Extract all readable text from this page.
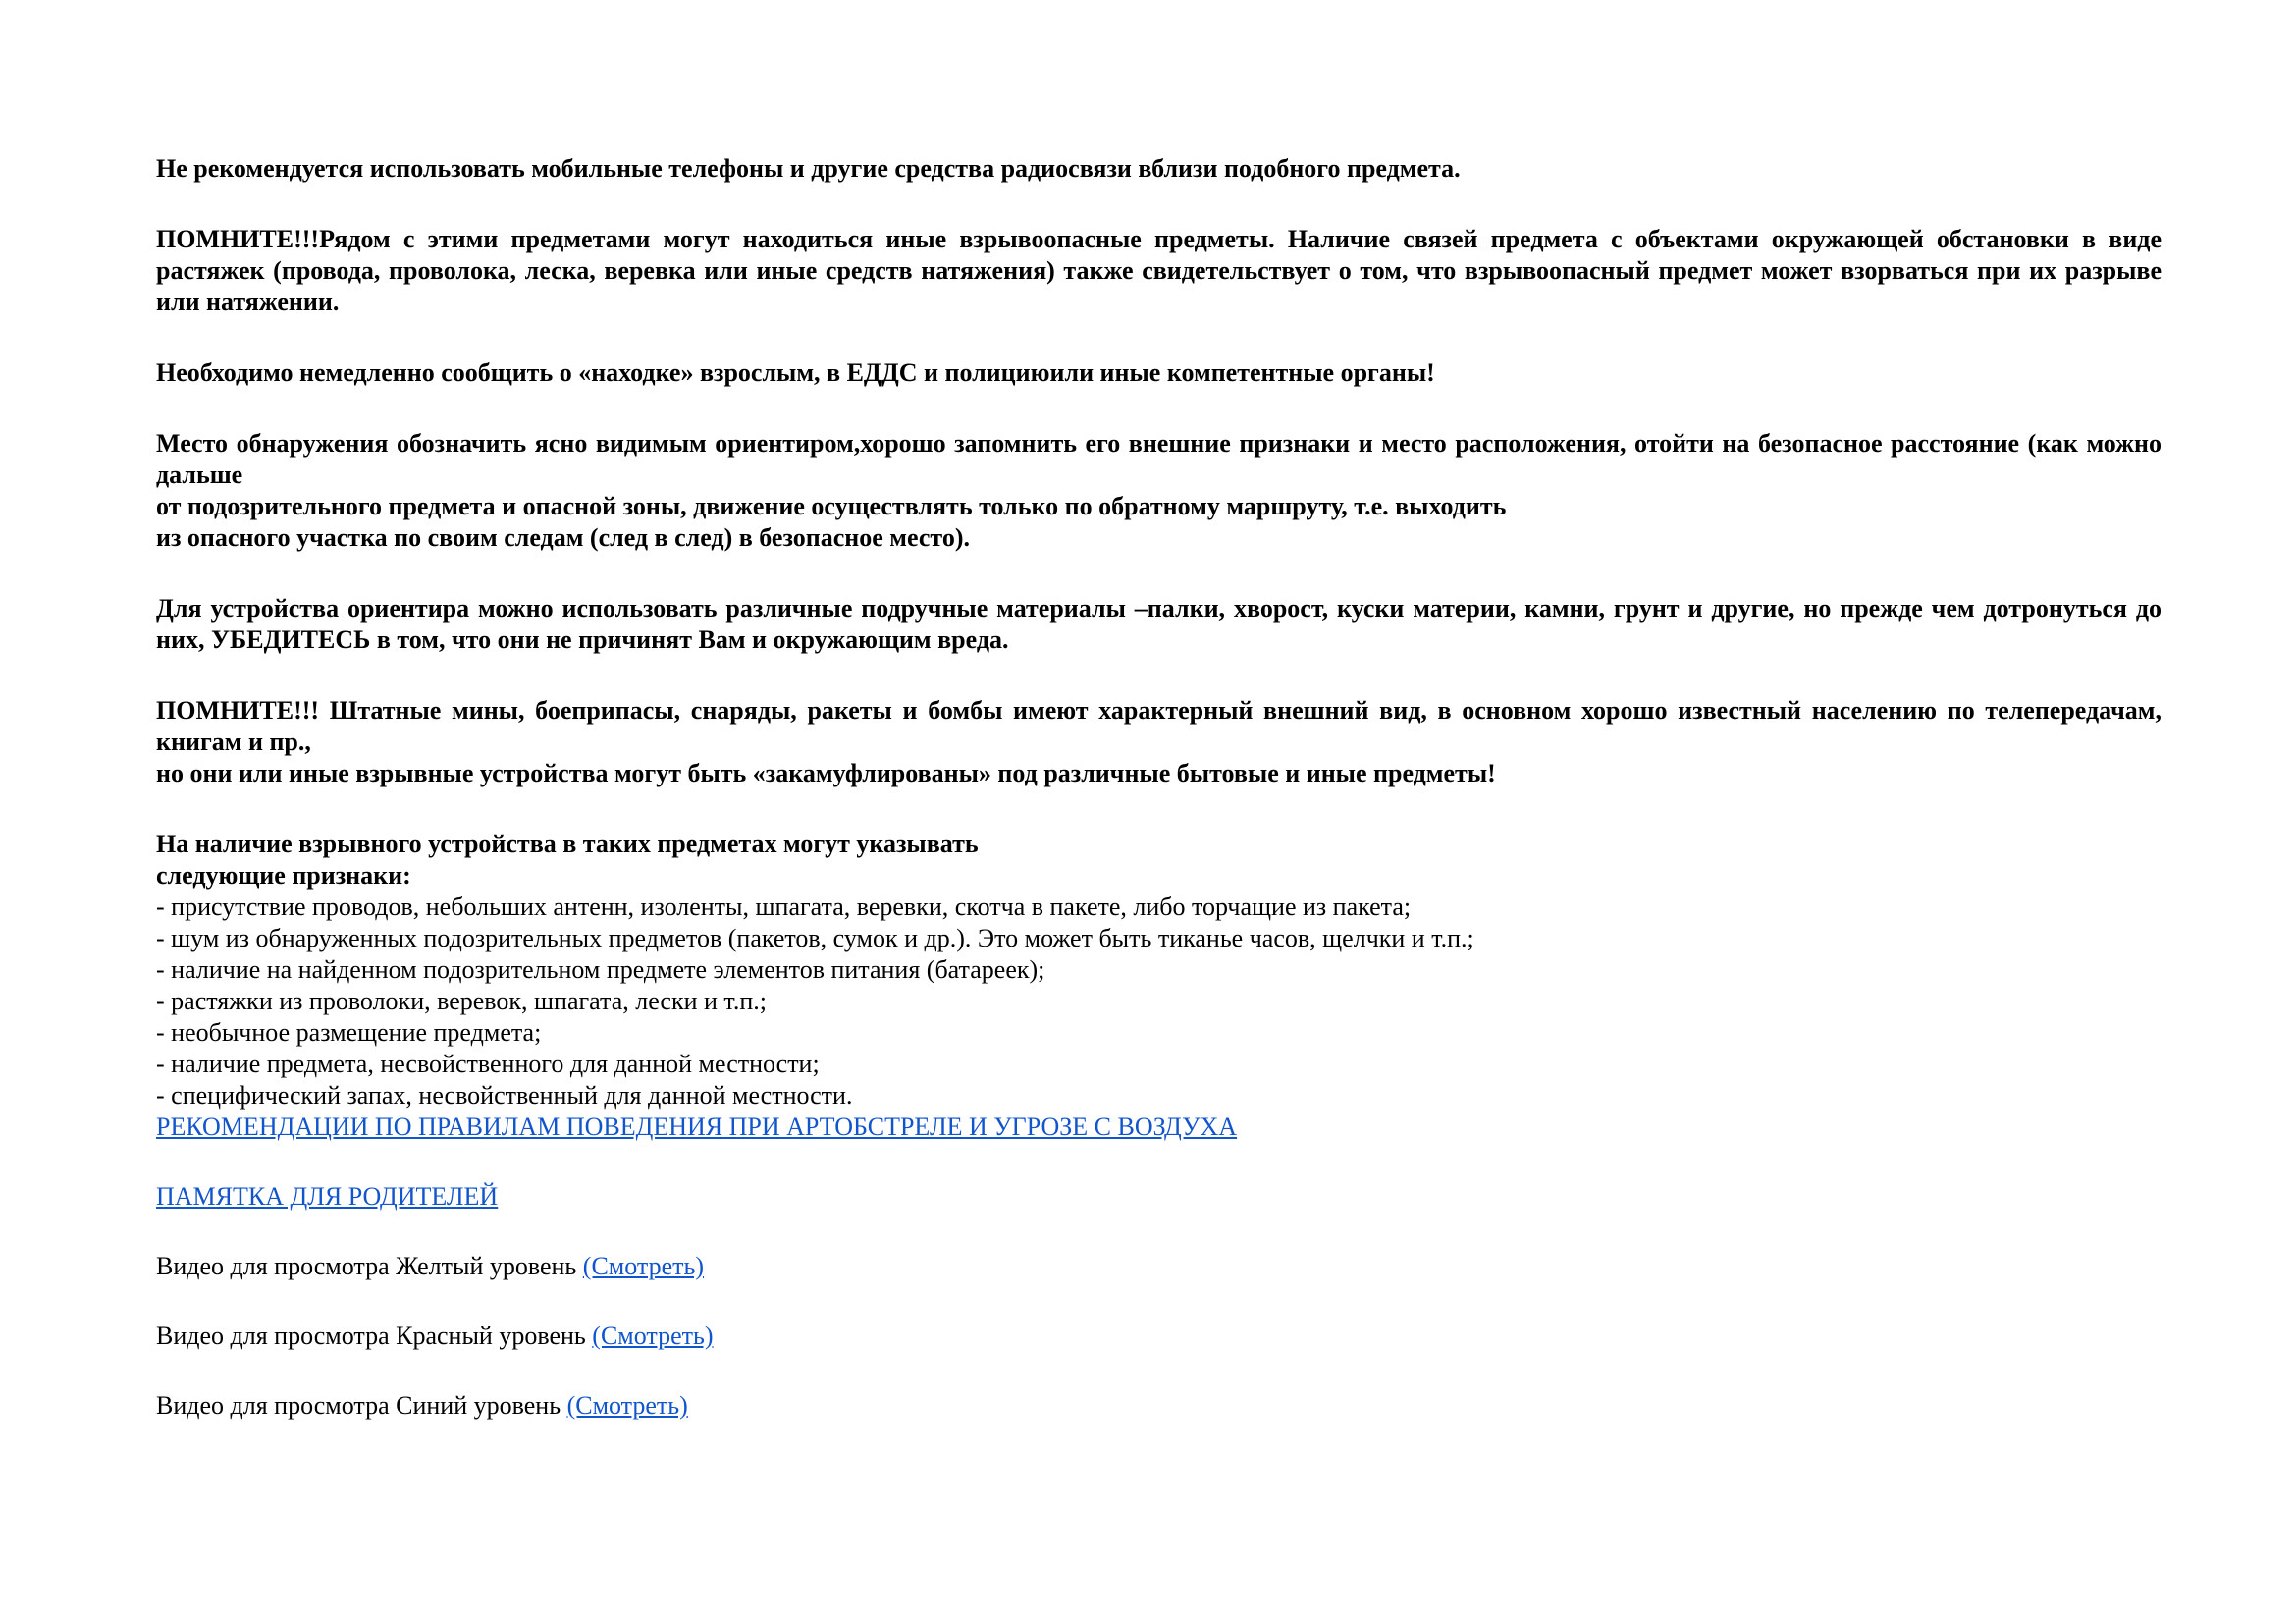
Не рекомендуется использовать мобильные телефоны и другие средства радиосвязи вблизи подобного предмета.

ПОМНИТЕ!!!Рядом с этими предметами могут находиться иные взрывоопасные предметы. Наличие связей предмета с объектами окружающей обстановки в виде растяжек (провода, проволока, леска, веревка или иные средств натяжения) также свидетельствует о том, что взрывоопасный предмет может взорваться при их разрыве или натяжении.

Необходимо немедленно сообщить о «находке» взрослым, в ЕДДС и полициюили иные компетентные органы!

Место обнаружения обозначить ясно видимым ориентиром,хорошо запомнить его внешние признаки и место расположения, отойти на безопасное расстояние (как можно дальше
от подозрительного предмета и опасной зоны, движение осуществлять только по обратному маршруту, т.е. выходить
из опасного участка по своим следам (след в след) в безопасное место).

Для устройства ориентира можно использовать различные подручные материалы –палки, хворост, куски материи, камни, грунт и другие, но прежде чем дотронуться до них, УБЕДИТЕСЬ в том, что они не причинят Вам и окружающим вреда.

ПОМНИТЕ!!! Штатные мины, боеприпасы, снаряды, ракеты и бомбы имеют характерный внешний вид, в основном хорошо известный населению по телепередачам, книгам и пр.,
но они или иные взрывные устройства могут быть «закамуфлированы» под различные бытовые и иные предметы!

На наличие взрывного устройства в таких предметах могут указывать
следующие признаки:
- присутствие проводов, небольших антенн, изоленты, шпагата, веревки, скотча в пакете, либо торчащие из пакета;
- шум из обнаруженных подозрительных предметов (пакетов, сумок и др.). Это может быть тиканье часов, щелчки и т.п.;
- наличие на найденном подозрительном предмете элементов питания (батареек);
- растяжки из проволоки, веревок, шпагата, лески и т.п.;
- необычное размещение предмета;
- наличие предмета, несвойственного для данной местности;
- специфический запах, несвойственный для данной местности.
РЕКОМЕНДАЦИИ ПО ПРАВИЛАМ ПОВЕДЕНИЯ ПРИ АРТОБСТРЕЛЕ И УГРОЗЕ С ВОЗДУХА
ПАМЯТКА ДЛЯ РОДИТЕЛЕЙ
Видео для просмотра Желтый уровень (Смотреть)
Видео для просмотра Красный уровень (Смотреть)
Видео для просмотра Синий уровень (Смотреть)
